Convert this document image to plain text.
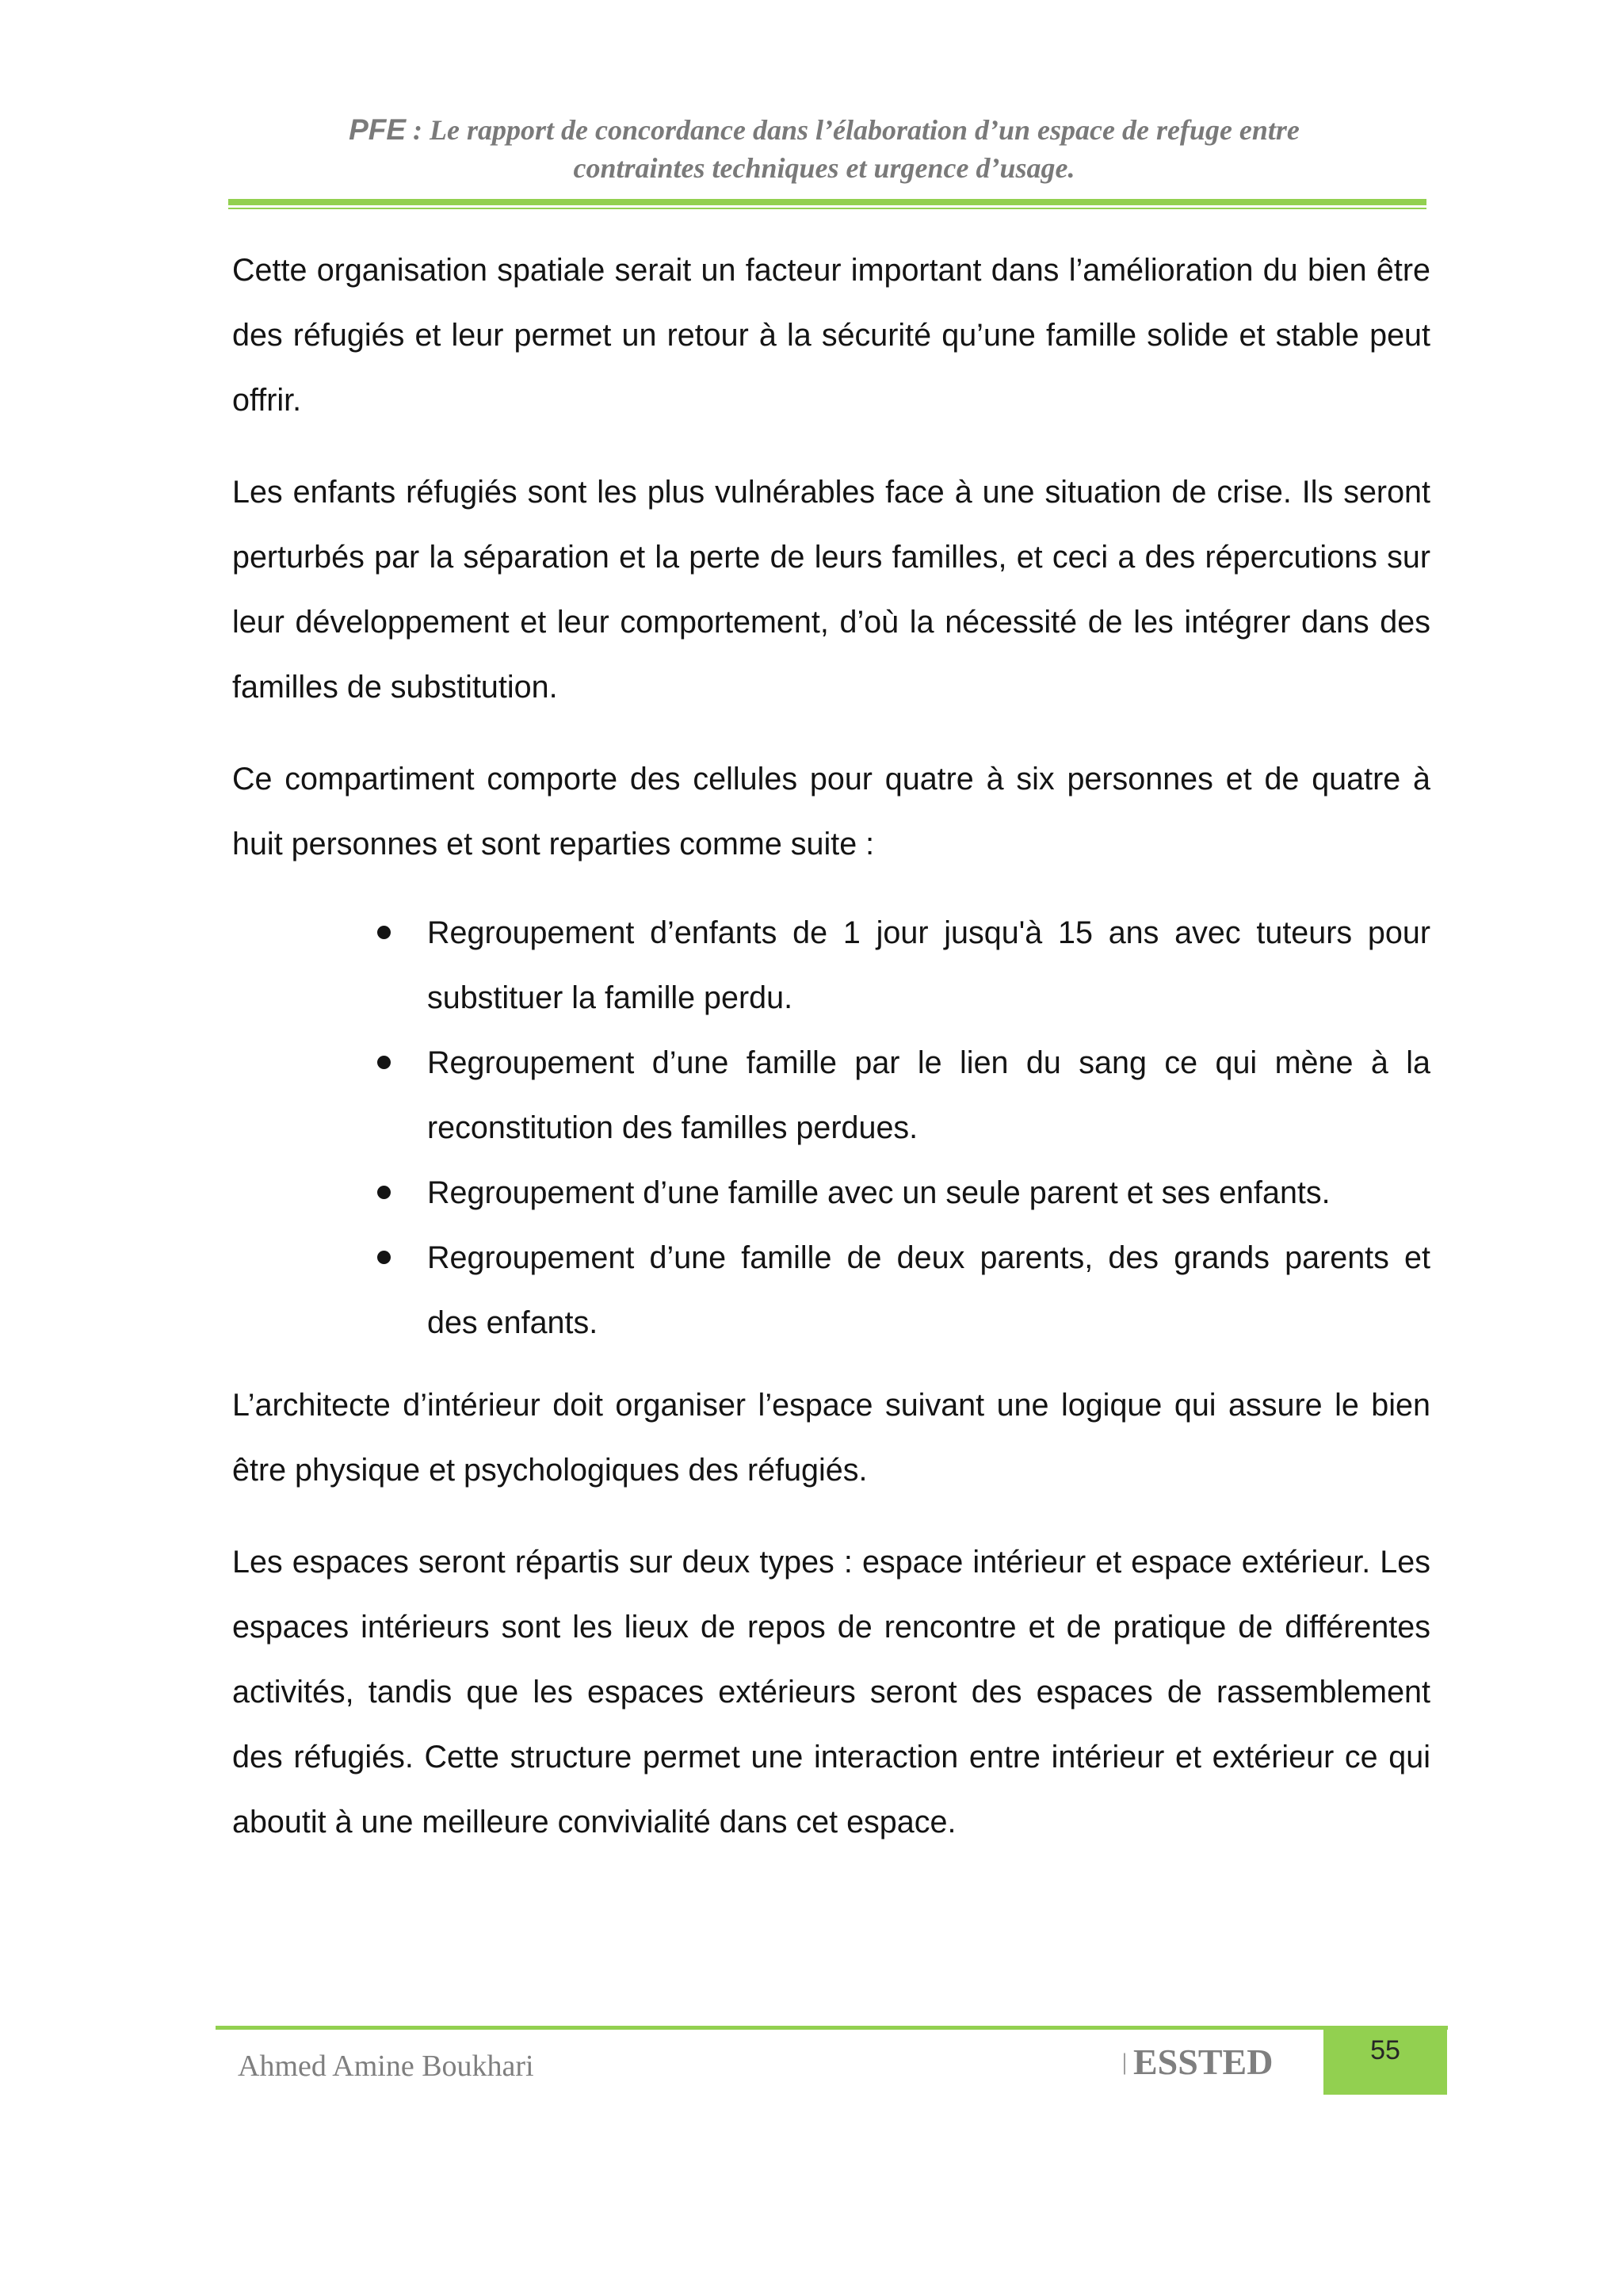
PFE : Le rapport de concordance dans l’élaboration d’un espace de refuge entre
contraintes techniques et urgence d’usage.

Cette organisation spatiale serait un facteur important dans l’amélioration du bien être des réfugiés et leur permet un retour à la sécurité qu’une famille solide et stable peut offrir.

Les enfants réfugiés sont les plus vulnérables face à une situation de crise. Ils seront perturbés par la séparation et la perte de leurs familles, et ceci a des répercutions sur leur développement et leur comportement, d’où la nécessité de les intégrer dans des familles de substitution.

Ce compartiment comporte des cellules pour quatre à six personnes et de quatre à huit personnes et sont reparties comme suite :

Regroupement d’enfants de 1 jour jusqu'à 15 ans avec tuteurs pour substituer la famille perdu.
Regroupement d’une famille par le lien du sang ce qui mène à la reconstitution des familles perdues.
Regroupement d’une famille avec un seule parent et ses enfants.
Regroupement d’une famille de deux parents, des grands parents et des enfants.

L’architecte d’intérieur doit organiser l’espace suivant une logique qui assure le bien être physique et psychologiques des réfugiés.

Les espaces seront répartis sur deux types : espace intérieur et espace extérieur. Les espaces intérieurs sont les lieux de repos de rencontre et de pratique de différentes activités, tandis que les espaces extérieurs seront des espaces de rassemblement des réfugiés. Cette structure permet une interaction entre intérieur et extérieur ce qui aboutit à une meilleure convivialité dans cet espace.

Ahmed Amine Boukhari	| ESSTED	55
